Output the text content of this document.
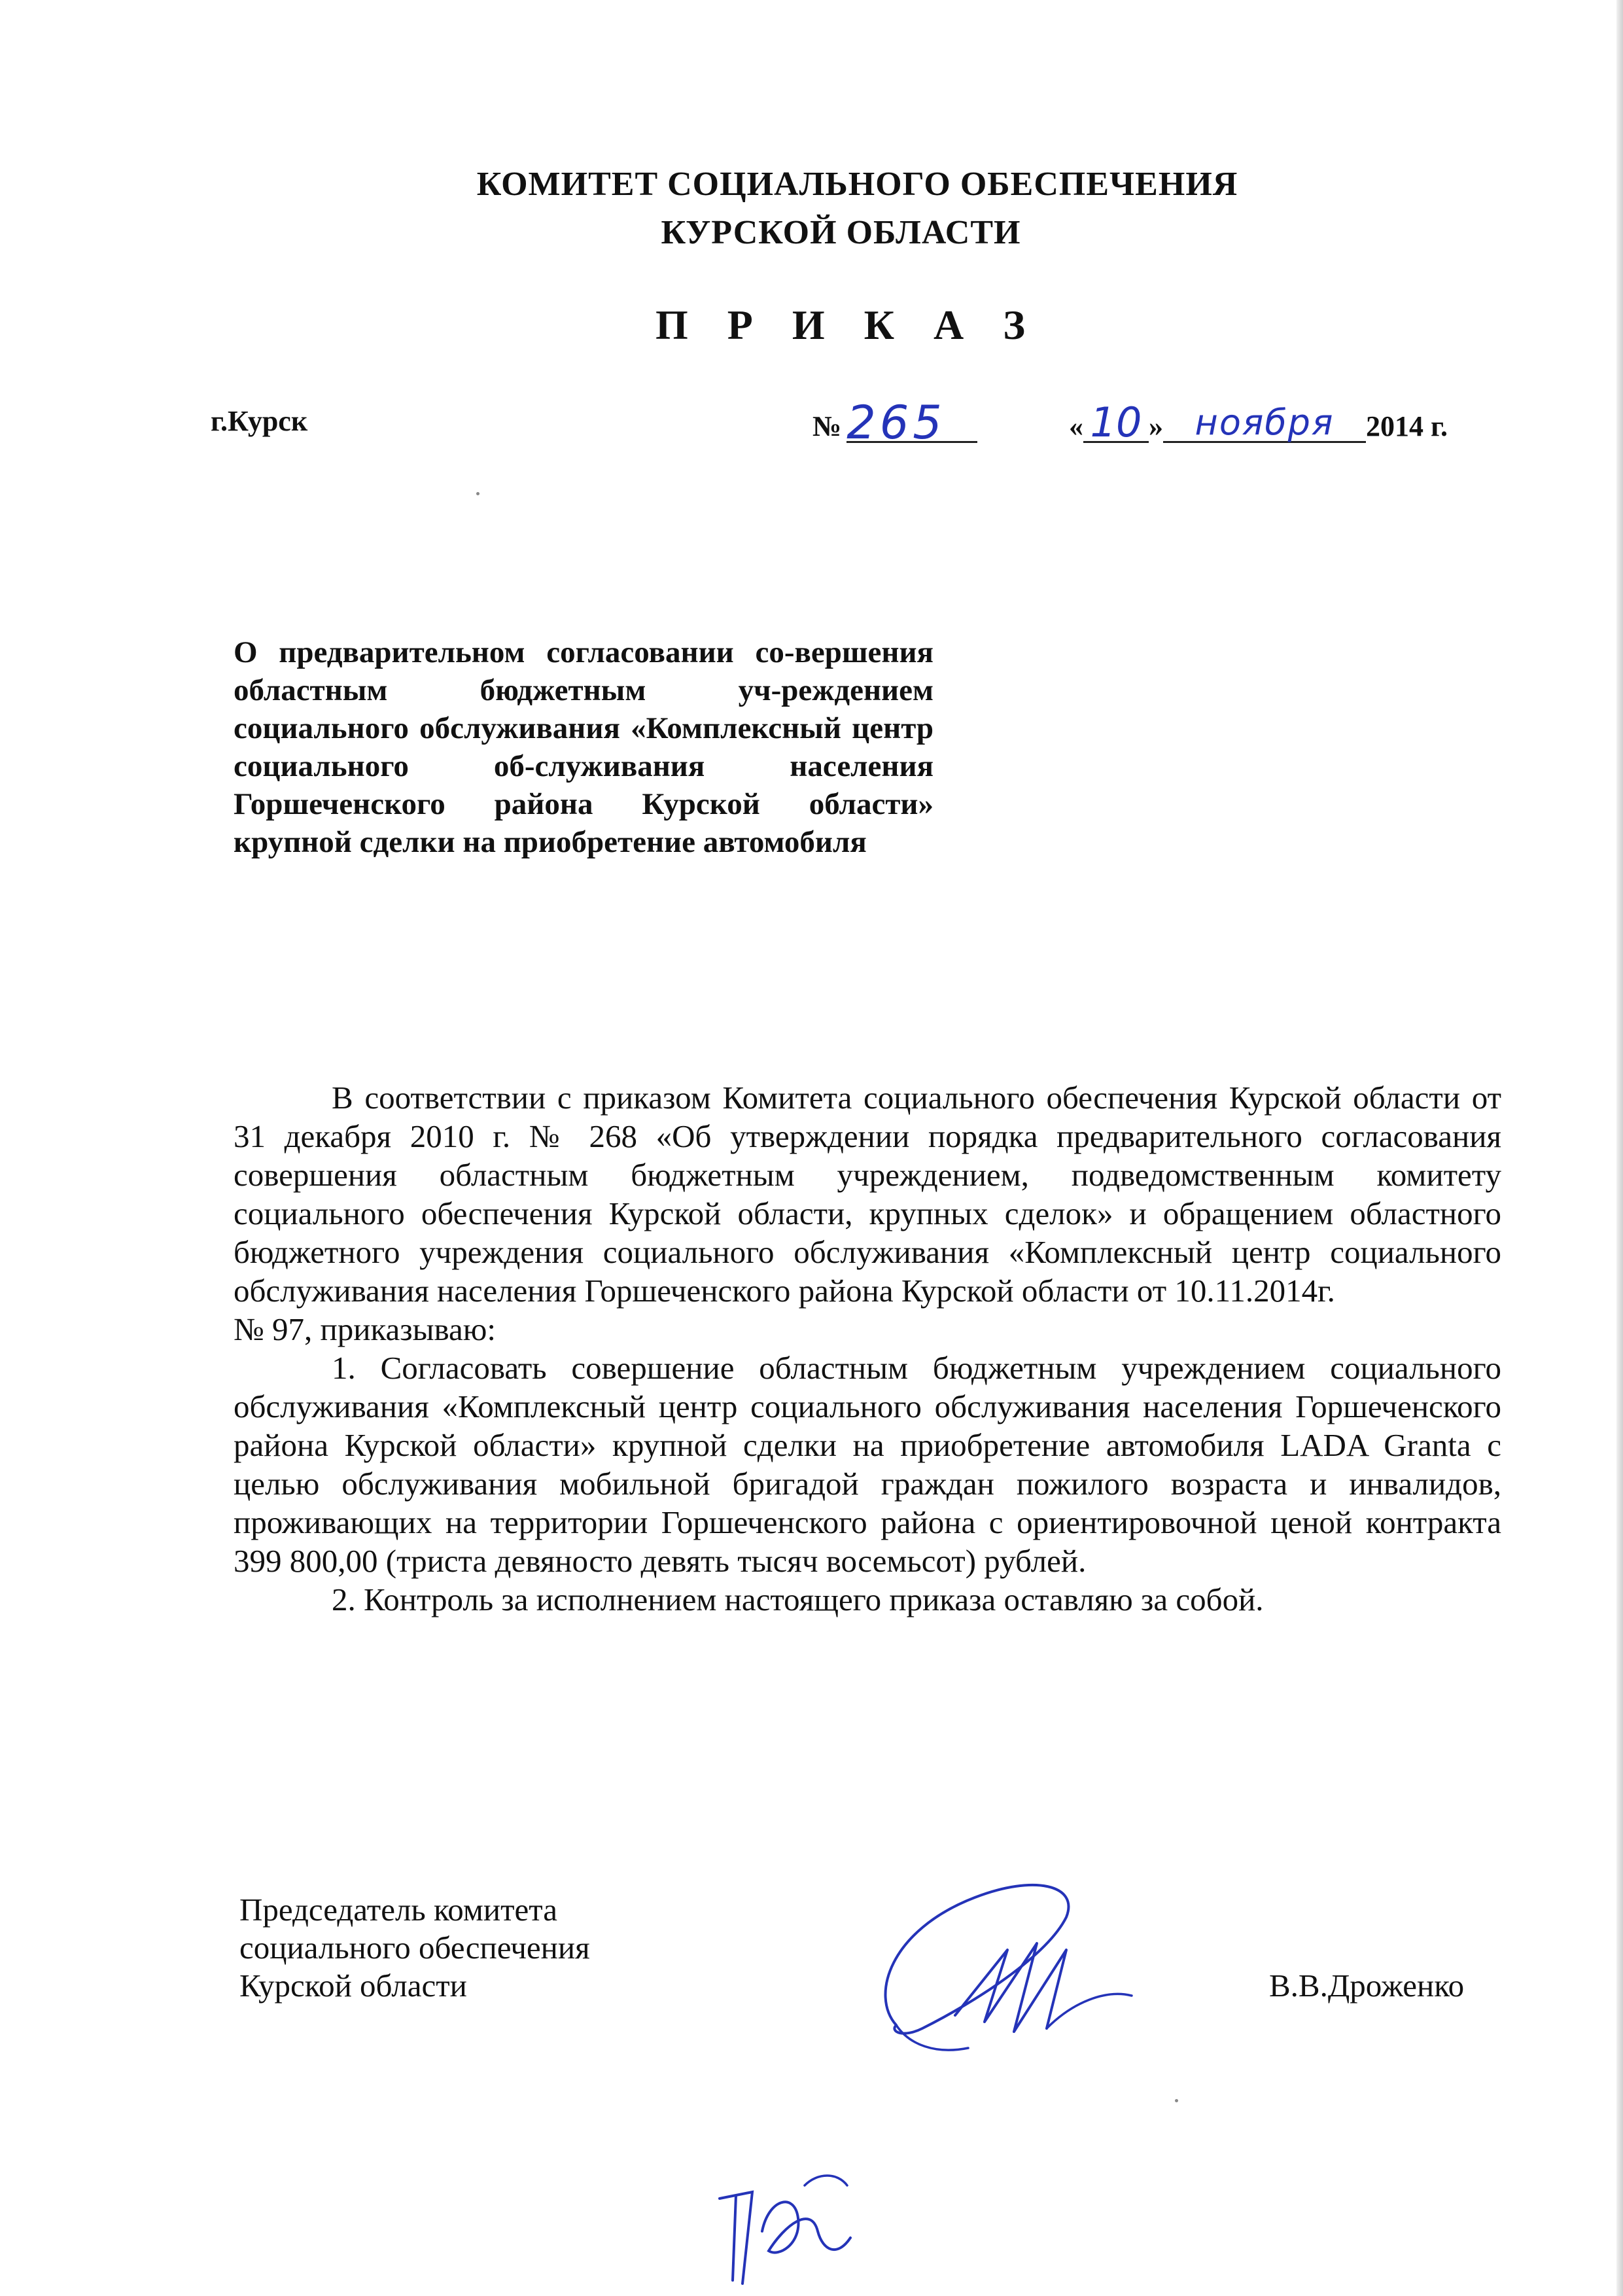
КОМИТЕТ СОЦИАЛЬНОГО ОБЕСПЕЧЕНИЯ
КУРСКОЙ ОБЛАСТИ
П Р И К А З
г.Курск	№ 265	« 10 » ноября 2014 г.
О предварительном согласовании со-вершения областным бюджетным уч-реждением социального обслуживания «Комплексный центр социального об-служивания населения Горшеченского района Курской области» крупной сделки на приобретение автомобиля

В соответствии с приказом Комитета социального обеспечения Курской области от 31 декабря 2010 г. № 268 «Об утверждении порядка предварительного согласования совершения областным бюджетным учреждением, подведомственным комитету социального обеспечения Курской области, крупных сделок» и обращением областного бюджетного учреждения социального обслуживания «Комплексный центр социального обслуживания населения Горшеченского района Курской области от 10.11.2014г.

№ 97, приказываю:

1. Согласовать совершение областным бюджетным учреждением социального обслуживания «Комплексный центр социального обслуживания населения Горшеченского района Курской области» крупной сделки на приобретение автомобиля LADA Granta с целью обслуживания мобильной бригадой граждан пожилого возраста и инвалидов, проживающих на территории Горшеченского района с ориентировочной ценой контракта 399 800,00 (триста девяносто девять тысяч восемьсот) рублей.

2. Контроль за исполнением настоящего приказа оставляю за собой.

Председатель комитета
социального обеспечения
Курской области	В.В.Дроженко
